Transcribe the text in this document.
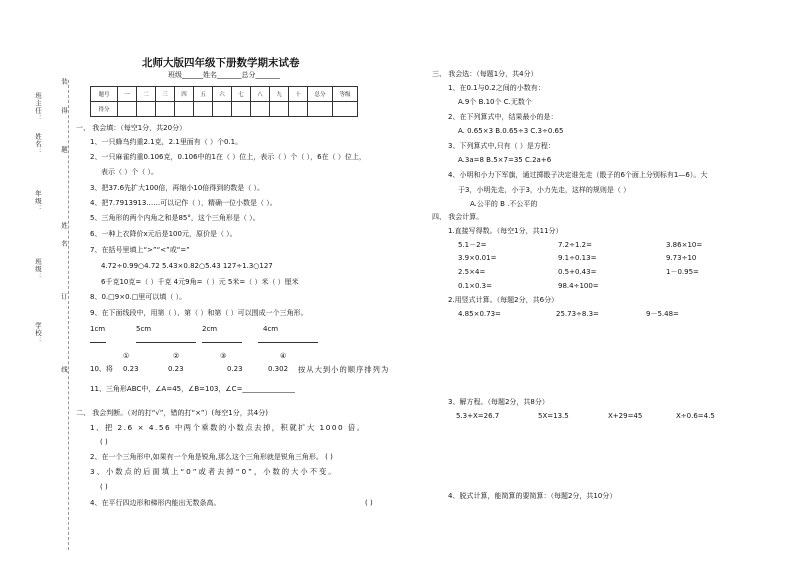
装
订
线
班主任：
姓名：
年级：
班级：
学校：
得
题
姓
名
北师大版四年级下册数学期末试卷
班级______姓名_______总分_______
题号	一	二	三	四	五	六	七	八	九	十	总分	等级
得分												
一、 我会填：（每空1分，共20分）
1、一只蜂鸟约重2.1克，2.1里面有（ ）个0.1。
2、一只麻雀约重0.106克，0.106中的1在（ ）位上，表示（ ）个（ ），6在（ ）位上，
表示（ ）个（ ）。
3、把37.6先扩大100倍，再缩小10倍得到的数是（ ）。
4、把7.7913913……可以记作（ ），精确一位小数是（ ）。
5、三角形的两个内角之和是85°，这个三角形是（ ）。
6、一种上衣降价x元后是100元，原价是（ ）。
7、在括号里填上“>”“<”或“=”
4.72÷0.99○4.72 5.43×0.82○5.43 127÷1.3○127
6千克10克=（ ）千克 4元9角=（ ）元 5米=（ ）米（ ）厘米
8、0.□9×0.□里可以填（ ）。
9、在下面线段中，用第（ ）、第（ ）和第（ ）可以围成一个三角形。
1cm	5cm	2cm	4cm
①	②	③	④
10、将 0.23	0.23	0.23	0.302 按从大到小的顺序排列为
11、三角形ABC中，∠A=45，∠B=103，∠C=_______________
二、 我会判断。（对的打“√”，错的打“×”）(每空1分，共4分)
1、把 2.6 × 4.56 中两个乘数的小数点去掉，积就扩大 1000 倍。
( )
2、在一个三角形中,如果有一个角是锐角,那么这个三角形就是锐角三角形。 ( )
3、小数点的后面填上“0”或者去掉“0”，小数的大小不变。
( )
4、在平行四边形和梯形内能出无数条高。	( )
三、 我会选：（每题1分，共4分）
1、在0.1与0.2之间的小数有：
A.9个 B.10个 C.无数个
2、在下列算式中，结果最小的是：
A. 0.65×3 B.0.65÷3 C.3÷0.65
3、下列算式中,只有（ ）是方程：
A.3a=8 B.5×7=35 C.2a+6
4、小明和小力下军旗，通过掷骰子决定谁先走（骰子的6个面上分别标有1—6）。大
于3，小明先走，小于3，小力先走，这样的规则是（ ）
A.公平的 B .不公平的
四、 我会计算。
1.直接写得数。（每空1分，共11分）
5.1－2=	7.2÷1.2=	3.86×10=
3.9×0.01=	9.1÷0.13=	9.73÷10
2.5×4=	0.5+0.43=	1－0.95=
0.1×0.3=	98.4÷100=
2.用竖式计算。（每题2分，共6分）
4.85×0.73=	25.73÷8.3=	9－5.48=
3、解方程。（每题2分，共8分）
5.3+X=26.7	5X=13.5	X+29=45	X÷0.6=4.5
4、脱式计算，能简算的要简算：（每题2分，共10分）
